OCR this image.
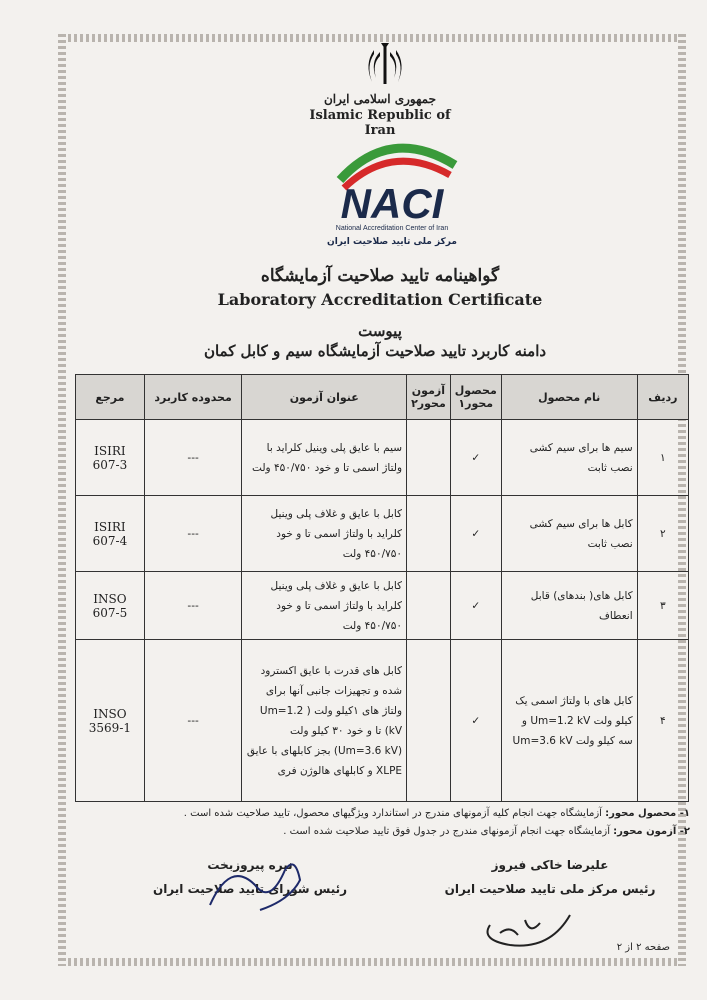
جمهوری اسلامی ایران
Islamic Republic of Iran
NACI
National Accreditation Center of Iran
مرکز ملی تایید صلاحیت ایران
گواهینامه تایید صلاحیت آزمایشگاه
Laboratory Accreditation Certificate
پیوست
دامنه کاربرد تایید صلاحیت آزمایشگاه سیم و کابل کمان
ردیف	نام محصول	محصول محور١	آزمون محور٢	عنوان آزمون	محدوده کاربرد	مرجع
١	سیم ها برای سیم کشی نصب ثابت	✓		سیم با عایق پلی وینیل کلراید با ولتاژ اسمی تا و خود ۴۵۰/۷۵۰ ولت	---	ISIRI 607-3
٢	کابل ها برای سیم کشی نصب ثابت	✓		کابل با عایق و غلاف پلی وینیل کلراید با ولتاژ اسمی تا و خود ۴۵۰/۷۵۰ ولت	---	ISIRI 607-4
٣	کابل های( بندهای) قابل انعطاف	✓		کابل با عایق و غلاف پلی وینیل کلراید با ولتاژ اسمی تا و خود ۴۵۰/۷۵۰ ولت	---	INSO 607-5
۴	کابل های با ولتاژ اسمی یک کیلو ولت Um=1.2 kV و سه کیلو ولت Um=3.6 kV	✓		کابل های قدرت با عایق اکسترود شده و تجهیزات جانبی آنها برای ولتاژ های ۱کیلو ولت ( Um=1.2 kV) تا و خود ۳۰ کیلو ولت (Um=3.6 kV) بجز کابلهای با عایق XLPE و کابلهای هالوژن فری	---	INSO 3569-1
۱- محصول محور: آزمایشگاه جهت انجام کلیه آزمونهای مندرج در استاندارد ویژگیهای محصول، تایید صلاحیت شده است .
۲- آزمون محور: آزمایشگاه جهت انجام آزمونهای مندرج در جدول فوق تایید صلاحیت شده است .
علیرضا خاکی فیروز
رئیس مرکز ملی تایید صلاحیت ایران
نیره پیروزبخت
رئیس شورای تایید صلاحیت ایران
صفحه ۲ از ۲
